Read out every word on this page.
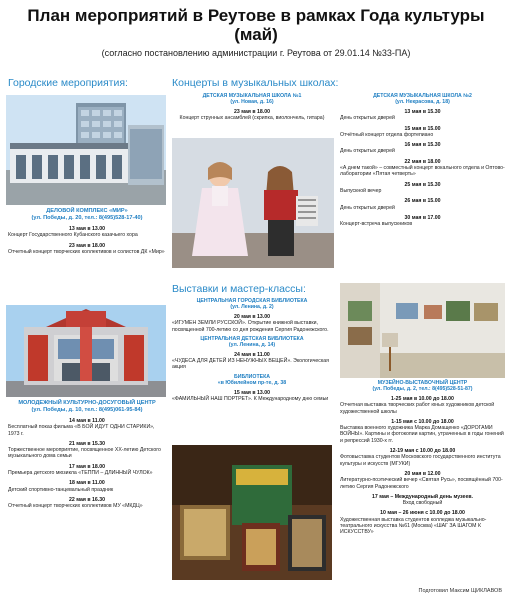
План мероприятий в Реутове в рамках Года культуры
(май)
(согласно постановлению администрации г. Реутова от 29.01.14 №33-ПА)
Городские мероприятия:	Концерты в музыкальных школах:
Выставки и мастер-классы:
ДЕЛОВОЙ КОМПЛЕКС «МИР»
(ул. Победы, д. 20, тел.: 8(495)528-17-40)
13 мая в 13.00
Концерт Государственного Кубанского казачьего хора
23 мая в 18.00
Отчетный концерт творческих коллективов и солистов ДК «Мир»
МОЛОДЕЖНЫЙ КУЛЬТУРНО-ДОСУГОВЫЙ ЦЕНТР
(ул. Победы, д. 10, тел.: 8(495)061-95-84)
14 мая в 11.00
Бесплатный показ фильма «В БОЙ ИДУТ ОДНИ СТАРИКИ», 1973 г.
21 мая в 15.30
Торжественное мероприятие, посвященное XX-летию Детского музыкального дома семьи
17 мая в 18.00
Премьера детского мюзикла «ТЕППИ – ДЛИННЫЙ ЧУЛОК»
18 мая в 11.00
Детский спортивно-танцевальный праздник
22 мая в 16.30
Отчетный концерт творческих коллективов МУ «МКДЦ»
ДЕТСКАЯ МУЗЫКАЛЬНАЯ ШКОЛА №1
(ул. Новая, д. 16)
23 мая в 18.00
Концерт струнных ансамблей (скрипка, виолончель, гитара)
ДЕТСКАЯ МУЗЫКАЛЬНАЯ ШКОЛА №2
(ул. Некрасова, д. 18)
13 мая в 15.30
День открытых дверей
15 мая в 15.00
Отчётный концерт отдела фортепиано
16 мая в 15.30
День открытых дверей
22 мая в 18.00
«А днем такой» – совместный концерт вокального отдела и Оптово-лаборатории «Пятая четверть»
25 мая в 15.30
Выпускной вечер
26 мая в 15.00
День открытых дверей
30 мая в 17.00
Концерт-встреча выпускников
ЦЕНТРАЛЬНАЯ ГОРОДСКАЯ БИБЛИОТЕКА
(ул. Ленина, д. 2)
20 мая в 13.00
«ИГУМЕН ЗЕМЛИ РУССКОЙ». Открытие книжной выставки, посвященной 700-летию со дня рождения Сергия Радонежского.
ЦЕНТРАЛЬНАЯ ДЕТСКАЯ БИБЛИОТЕКА
(ул. Ленина, д. 14)
24 мая в 11.00
«ЧУДЕСА ДЛЯ ДЕТЕЙ ИЗ НЕНУЖНЫХ ВЕЩЕЙ». Экологическая акция
БИБЛИОТЕКА
«в Юбилейном пр-те, д. 38
15 мая в 13.00
«ФАМИЛЬНЫЙ НАШ ПОРТРЕТ». К Международному дню семьи
МУЗЕЙНО-ВЫСТАВОЧНЫЙ ЦЕНТР
(ул. Победы, д. 2, тел.: 8(495)528-51-87)
1-25 мая в 10.00 до 18.00
Отчетная выставка творческих работ юных художников детской художественной школы
1-15 мая с 10.00 до 18.00
Выставка военного художника Марка Домащенко «ДОРОГАМИ ВОЙНЫ». Картины и фотокопии картин, утраченных в годы гонений и репрессий 1930-х гг.
12-19 мая с 10.00 до 18.00
Фотовыставка студентов Московского государственного института культуры и искусств (МГУКИ)
20 мая в 12.00
Литературно-поэтический вечер «Святая Русь», посвящённый 700-летию Сергия Радонежского
17 мая – Международный день музеев.
Вход свободный
10 мая – 26 июня с 10.00 до 18.00
Художественная выставка студентов колледжа музыкально-театрального искусства №61 (Москва) «ШАГ ЗА ШАГОМ К ИСКУССТВУ»
Подготовил Максим ЩИКЛАВОВ
